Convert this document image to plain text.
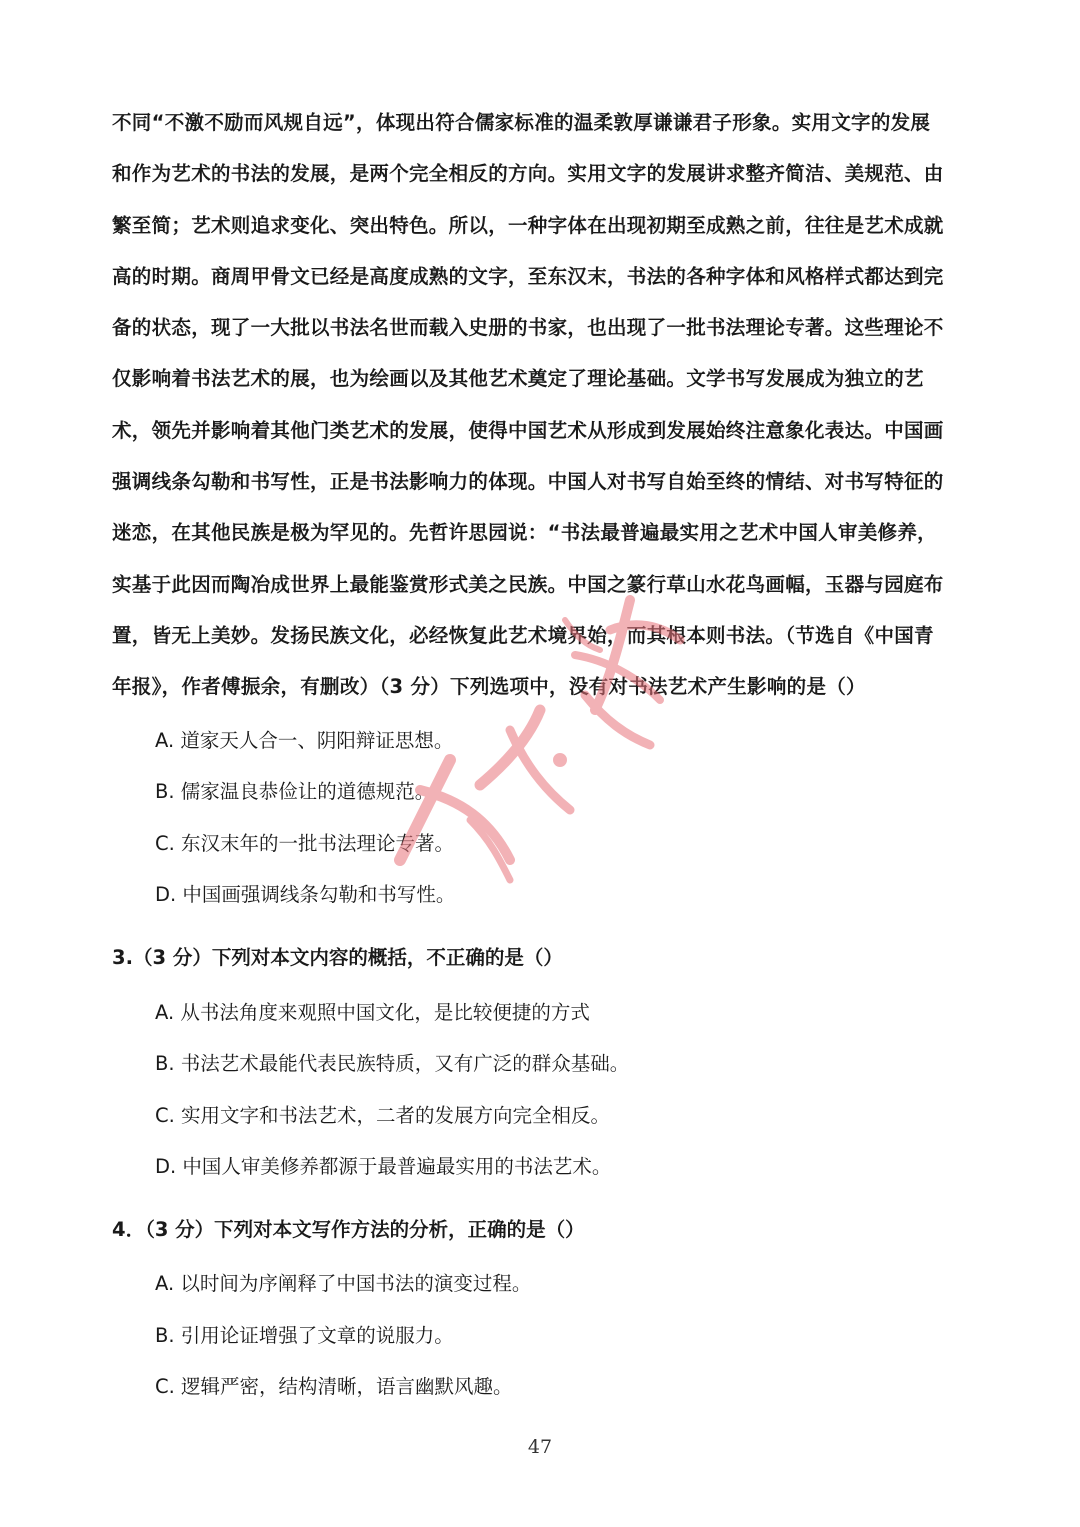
不同“不激不励而风规自远”，体现出符合儒家标准的温柔敦厚谦谦君子形象。实用文字的发展
和作为艺术的书法的发展，是两个完全相反的方向。实用文字的发展讲求整齐简洁、美规范、由
繁至简；艺术则追求变化、突出特色。所以，一种字体在出现初期至成熟之前，往往是艺术成就
高的时期。商周甲骨文已经是高度成熟的文字，至东汉末，书法的各种字体和风格样式都达到完
备的状态，现了一大批以书法名世而载入史册的书家，也出现了一批书法理论专著。这些理论不
仅影响着书法艺术的展，也为绘画以及其他艺术奠定了理论基础。文学书写发展成为独立的艺
术，领先并影响着其他门类艺术的发展，使得中国艺术从形成到发展始终注意象化表达。中国画
强调线条勾勒和书写性，正是书法影响力的体现。中国人对书写自始至终的情结、对书写特征的
迷恋，在其他民族是极为罕见的。先哲许思园说：“书法最普遍最实用之艺术中国人审美修养，
实基于此因而陶冶成世界上最能鉴赏形式美之民族。中国之篆行草山水花鸟画幅，玉器与园庭布
置，皆无上美妙。发扬民族文化，必经恢复此艺术境界始，而其根本则书法。（节选自《中国青
年报》，作者傅振余，有删改）（3 分）下列选项中，没有对书法艺术产生影响的是（）
A. 道家天人合一、阴阳辩证思想。
B. 儒家温良恭俭让的道德规范。
C. 东汉末年的一批书法理论专著。
D. 中国画强调线条勾勒和书写性。
3.（3 分）下列对本文内容的概括，不正确的是（）
A. 从书法角度来观照中国文化，是比较便捷的方式
B. 书法艺术最能代表民族特质，又有广泛的群众基础。
C. 实用文字和书法艺术，二者的发展方向完全相反。
D. 中国人审美修养都源于最普遍最实用的书法艺术。
4．（3 分）下列对本文写作方法的分析，正确的是（）
A. 以时间为序阐释了中国书法的演变过程。
B. 引用论证增强了文章的说服力。
C. 逻辑严密，结构清晰，语言幽默风趣。
47
